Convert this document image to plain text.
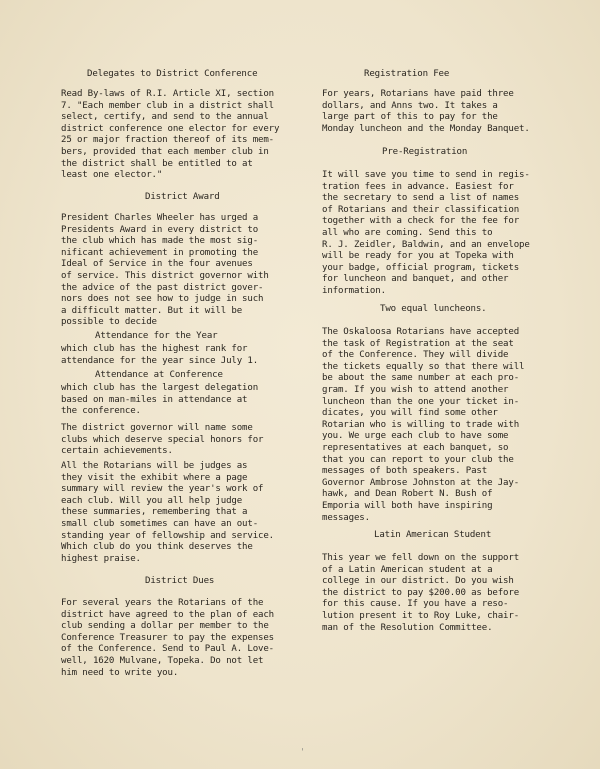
Delegates to District Conference
Read By-laws of R.I. Article XI, section
7. "Each member club in a district shall
select, certify, and send to the annual
district conference one elector for every
25 or major fraction thereof of its mem-
bers, provided that each member club in
the district shall be entitled to at
least one elector."
District Award
President Charles Wheeler has urged a
Presidents Award in every district to
the club which has made the most sig-
nificant achievement in promoting the
Ideal of Service in the four avenues
of service. This district governor with
the advice of the past district gover-
nors does not see how to judge in such
a difficult matter. But it will be
possible to decide
Attendance for the Year
which club has the highest rank for
attendance for the year since July 1.
Attendance at Conference
which club has the largest delegation
based on man-miles in attendance at
the conference.
The district governor will name some
clubs which deserve special honors for
certain achievements.
All the Rotarians will be judges as
they visit the exhibit where a page
summary will review the year's work of
each club. Will you all help judge
these summaries, remembering that a
small club sometimes can have an out-
standing year of fellowship and service.
Which club do you think deserves the
highest praise.
District Dues
For several years the Rotarians of the
district have agreed to the plan of each
club sending a dollar per member to the
Conference Treasurer to pay the expenses
of the Conference. Send to Paul A. Love-
well, 1620 Mulvane, Topeka. Do not let
him need to write you.
Registration Fee
For years, Rotarians have paid three
dollars, and Anns two. It takes a
large part of this to pay for the
Monday luncheon and the Monday Banquet.
Pre-Registration
It will save you time to send in regis-
tration fees in advance. Easiest for
the secretary to send a list of names
of Rotarians and their classification
together with a check for the fee for
all who are coming. Send this to
R. J. Zeidler, Baldwin, and an envelope
will be ready for you at Topeka with
your badge, official program, tickets
for luncheon and banquet, and other
information.
Two equal luncheons.
The Oskaloosa Rotarians have accepted
the task of Registration at the seat
of the Conference. They will divide
the tickets equally so that there will
be about the same number at each pro-
gram. If you wish to attend another
luncheon than the one your ticket in-
dicates, you will find some other
Rotarian who is willing to trade with
you. We urge each club to have some
representatives at each banquet, so
that you can report to your club the
messages of both speakers. Past
Governor Ambrose Johnston at the Jay-
hawk, and Dean Robert N. Bush of
Emporia will both have inspiring
messages.
Latin American Student
This year we fell down on the support
of a Latin American student at a
college in our district. Do you wish
the district to pay $200.00 as before
for this cause. If you have a reso-
lution present it to Roy Luke, chair-
man of the Resolution Committee.
ˌ
